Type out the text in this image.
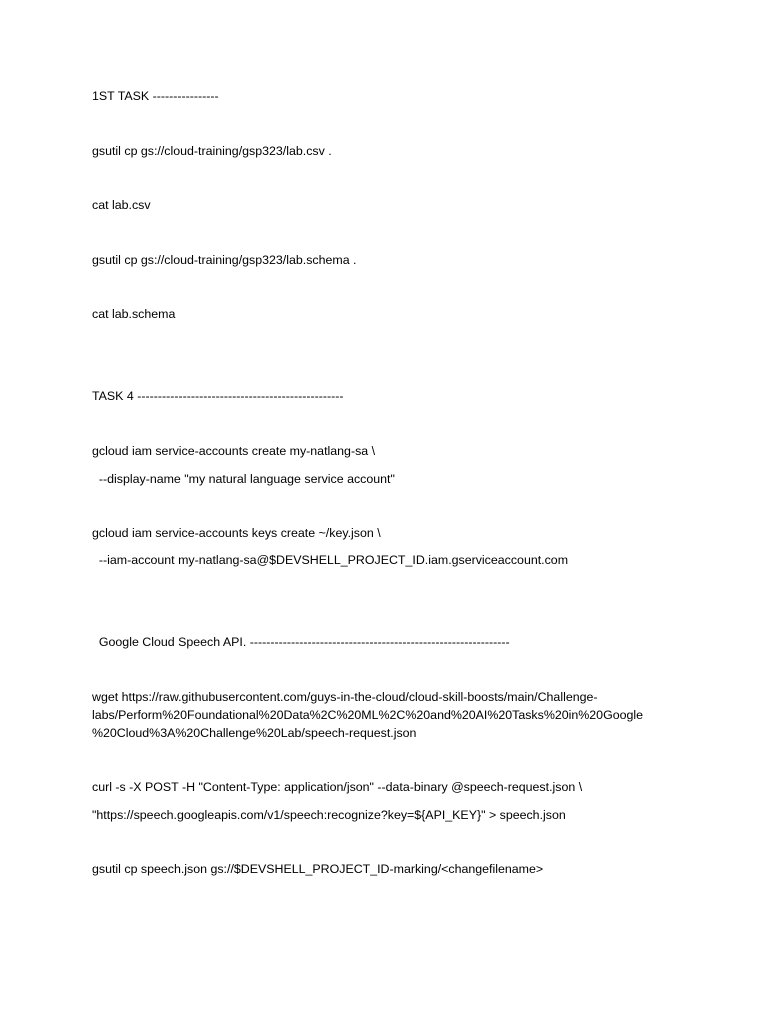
1ST TASK ----------------
gsutil cp gs://cloud-training/gsp323/lab.csv .
cat lab.csv
gsutil cp gs://cloud-training/gsp323/lab.schema .
cat lab.schema
TASK 4 --------------------------------------------------
gcloud iam service-accounts create my-natlang-sa \
--display-name "my natural language service account"
gcloud iam service-accounts keys create ~/key.json \
--iam-account my-natlang-sa@$DEVSHELL_PROJECT_ID.iam.gserviceaccount.com
Google Cloud Speech API. ---------------------------------------------------------------
wget https://raw.githubusercontent.com/guys-in-the-cloud/cloud-skill-boosts/main/Challenge-
labs/Perform%20Foundational%20Data%2C%20ML%2C%20and%20AI%20Tasks%20in%20Google
%20Cloud%3A%20Challenge%20Lab/speech-request.json
curl -s -X POST -H "Content-Type: application/json" --data-binary @speech-request.json \
"https://speech.googleapis.com/v1/speech:recognize?key=${API_KEY}" > speech.json
gsutil cp speech.json gs://$DEVSHELL_PROJECT_ID-marking/<changefilename>
